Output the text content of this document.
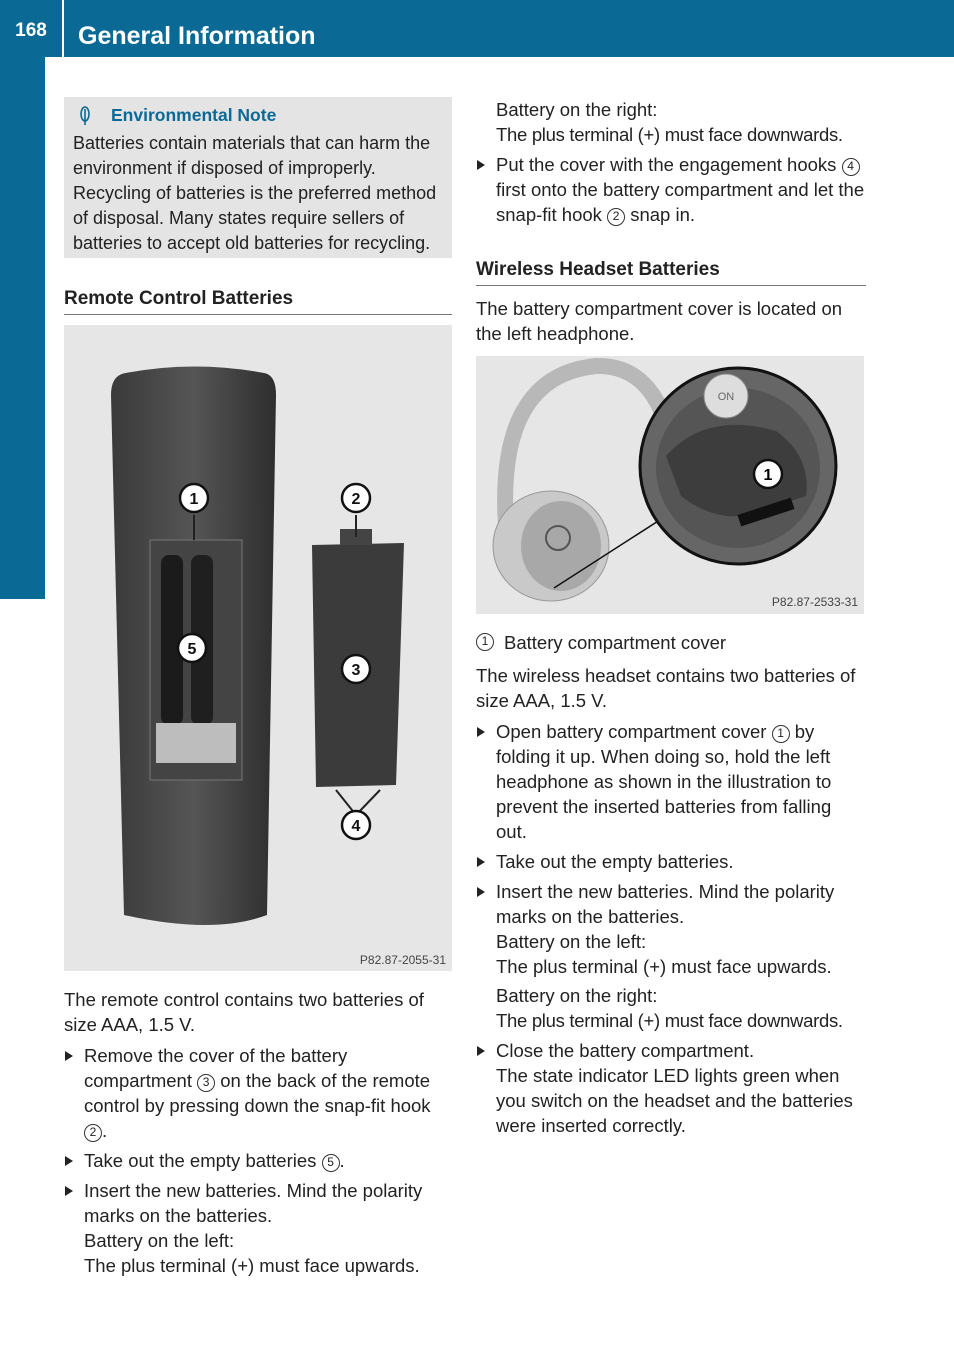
168	General Information
Rear Seat Entertainment
Environmental Note
Batteries contain materials that can harm the environment if disposed of improperly. Recycling of batteries is the preferred method of disposal. Many states require sellers of batteries to accept old batteries for recycling.
Remote Control Batteries
1	2
3
4
5
P82.87-2055-31
The remote control contains two batteries of size AAA, 1.5 V.
Remove the cover of the battery compartment 3 on the back of the remote control by pressing down the snap-fit hook 2 .
Take out the empty batteries 5 .
Insert the new batteries. Mind the polarity marks on the batteries.
Battery on the left:
The plus terminal (+) must face upwards.
Battery on the right:
The plus terminal (+) must face downwards.
Put the cover with the engagement hooks 4 first onto the battery compartment and let the snap-fit hook 2 snap in.
Wireless Headset Batteries
The battery compartment cover is located on the left headphone.
ON
1
P82.87-2533-31
1 Battery compartment cover
The wireless headset contains two batteries of size AAA, 1.5 V.
Open battery compartment cover 1 by folding it up. When doing so, hold the left headphone as shown in the illustration to prevent the inserted batteries from falling out.
Take out the empty batteries.
Insert the new batteries. Mind the polarity marks on the batteries.
Battery on the left:
The plus terminal (+) must face upwards.
Battery on the right:
The plus terminal (+) must face downwards.
Close the battery compartment.
The state indicator LED lights green when you switch on the headset and the batteries were inserted correctly.
